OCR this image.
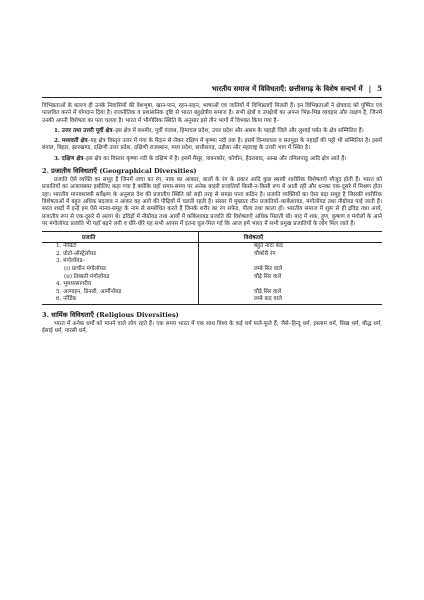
भारतीय समाज में विविधताएँ: छत्तीसगढ़ के विशेष सन्दर्भ में | 5

विभिन्नताओं के कारण ही उनके निवासियों की वेशभूषा, खान-पान, रहन-सहन, भाषाओं एवं जातियों में विभिन्नताएँ मिलती हैं। इन विभिन्नताओं ने क्षेत्रवाद को पुष्पित एवं पल्लवित करने में योगदान दिया है। राजनीतिक व प्रशासनिक दृष्टि से भारत बहुक्षेत्रीय समाज है। सभी क्षेत्रों व उपक्षेत्रों का अपना भिन्न-भिन्न व्यवहार और लक्षण है, जिनमें उनकी अपनी विशेषता का पता चलता है। भारत में भौगोलिक स्थिति के अनुसार इसे तीन भागों में विभक्त किया गया है–

1. उत्तर तथा उत्तरी पूर्वी क्षेत्र–इस क्षेत्र में कश्मीर, पूर्वी पंजाब, हिमाचल प्रदेश, उत्तर प्रदेश और असम के पहाड़ी जिले और लुशाई पर्वत के क्षेत्र सम्मिलित हैं।

2. मध्यवर्ती क्षेत्र–यह क्षेत्र विस्तृत उत्तर में गंगा के मैदान से लेकर दक्षिण में कृष्णा नदी तक है। इसमें विन्ध्याचल व सतपुड़ा के पहाड़ों की पट्टी भी सम्मिलित है। इसमें बंगाल, बिहार, झारखण्ड, दक्षिणी उत्तर प्रदेश, दक्षिणी राजस्थान, मध्य प्रदेश, छत्तीसगढ़, उड़ीसा और महाराष्ट्र के उत्तरी भाग में स्थित है।

3. दक्षिण क्षेत्र–इस क्षेत्र का विस्तार कृष्णा नदी के दक्षिण में है। इसमें मैसूर, त्रावनकोर, कोचीन, हैदराबाद, आन्ध्र और तमिलनाडु आदि क्षेत्र आते हैं।

2. प्रजातीय विविधताएँ (Geographical Diversities)

प्रजाति ऐसे व्यक्ति का समूह है जिनमें त्वचा का रंग, नाक का आकार, बालों के रंग के प्रकार आदि कुछ स्थायी शारीरिक विशेषताएँ मौजूद होती हैं। भारत को प्रजातियों का अजायबघर इसीलिए कहा गया है क्योंकि यहाँ समय-समय पर अनेक बाहरी प्रजातियाँ किसी-न-किसी रूप में आती रहीं और धनका एक-दूसरे में मिश्रण होता रहा। भारतीय मानवशास्त्री सर्वेक्षण के अनुसार देश की प्रजातीय स्थिति को सही तरह से समझ पाना कठिन है। प्रजाति व्यक्तियों का ऐसा बड़ा समूह है जिसकी शारीरिक विशेषताओं में बहुत अधिक बदलाव न आकर वह आगे की पीढ़ियों में चलती रहती है। संसार में मुख्यतः तीन प्रजातियाँ–काकेशायड, मंगोलॉयड तथा नीग्रोयड पाई जाती हैं। सरल शब्दों में इन्हें हम ऐसे मानव-समूह के नाम से सम्बोधित करते हैं जिनके शरीर का रंग सफेद, पीला तथा काला हो। भारतीय समाज में शुरू से ही द्रविड़ तथा आर्य, प्रजातीय रूप से एक-दूसरे से अलग थे। द्रविड़ों में नीग्रोयड तथा आर्यों में कॉकेशायड प्रजाति की विशेषताएँ अधिक मिलती थीं। बाद में शक, हूण, कुषाण व मंगोलों के आने पर मंगोलॉयड प्रजाति भी यहाँ बढ़ने लगी व धीरे-धीरे यह सभी आपस में इतना घुल-मिल गई कि आज हमें भारत में सभी प्रमुख प्रजातियों के लोग मिल जाते हैं।

प्रजाति	विशेषताएँ
1. नीग्रिटो	बहुत नाटा कद
2. प्रोटो-ऑस्ट्रेलॉयड	चौकोरी रंग
3. मंगोलॉयड–	
(i) प्राचीन मंगोलॉयड	लम्बे सिर वाले
(ii) तिब्बती मंगोलॉयड	चौड़े सिर वाले
4. भूमध्यसागरीय	
5. अल्पाइन, डिनारी, आर्मीनॉयड	चौड़े सिर वाले
6. नॉर्डिक	लम्बे कद वाले
3. धार्मिक विविधताएँ (Religious Diversities)

भारत में अनेक धर्मों को मानने वाले लोग रहते हैं। एक समय भारत में एक साथ विश्व के कई धर्म फले-फूले हैं, जैसे–हिन्दू धर्म, इस्लाम धर्म, सिख धर्म, बौद्ध धर्म, ईसाई धर्म, पारसी धर्म,
